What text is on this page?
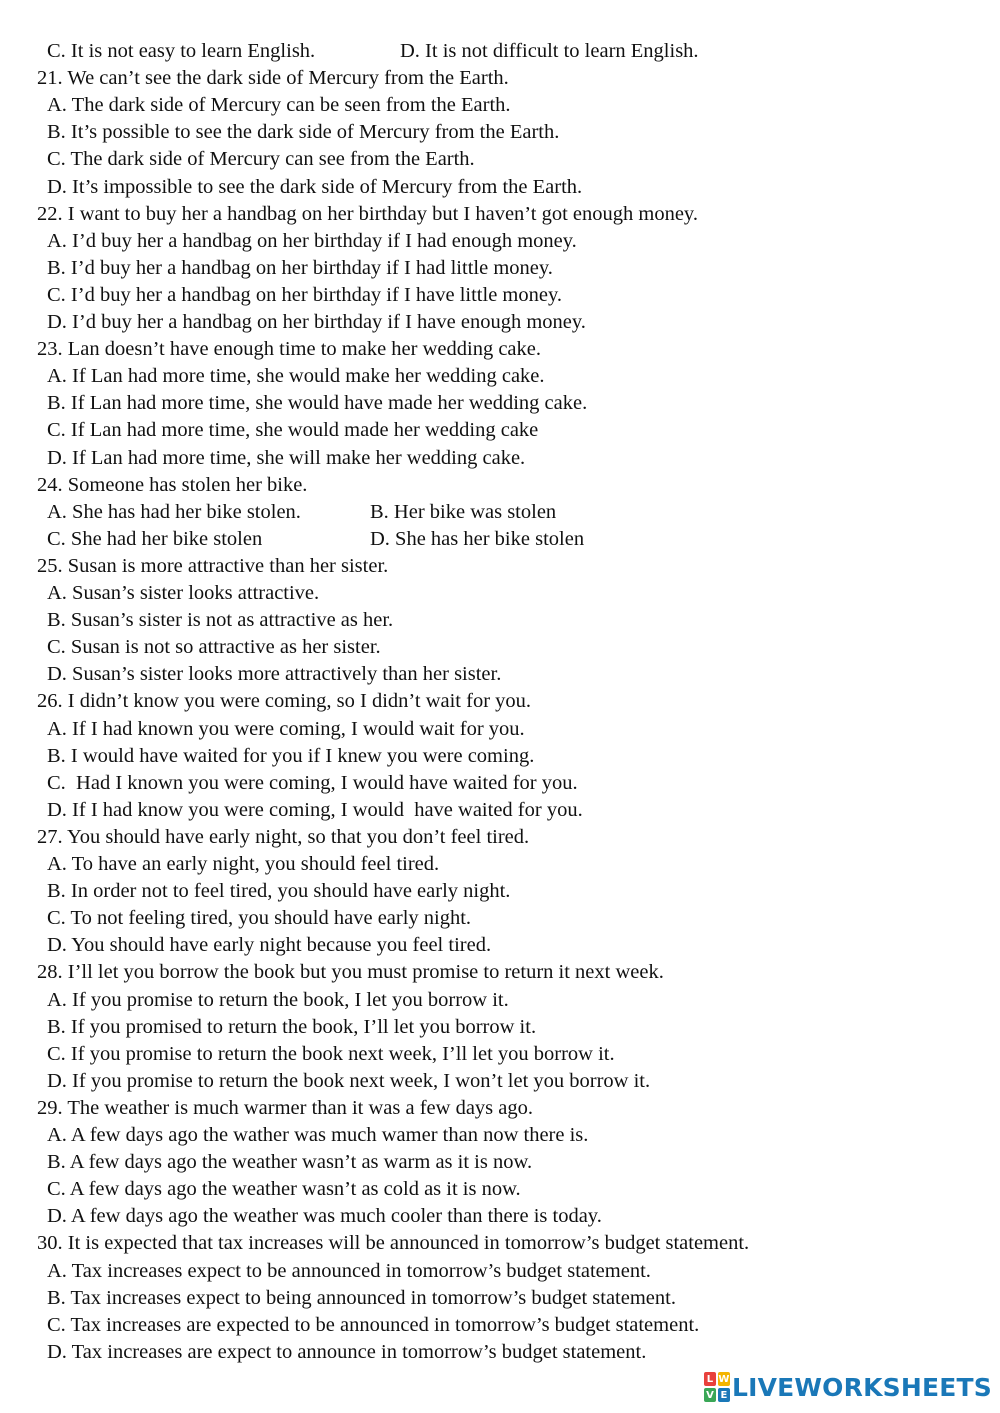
C. It is not easy to learn English.	D. It is not difficult to learn English.
21. We can’t see the dark side of Mercury from the Earth.
A. The dark side of Mercury can be seen from the Earth.
B. It’s possible to see the dark side of Mercury from the Earth.
C. The dark side of Mercury can see from the Earth.
D. It’s impossible to see the dark side of Mercury from the Earth.
22. I want to buy her a handbag on her birthday but I haven’t got enough money.
A. I’d buy her a handbag on her birthday if I had enough money.
B. I’d buy her a handbag on her birthday if I had little money.
C. I’d buy her a handbag on her birthday if I have little money.
D. I’d buy her a handbag on her birthday if I have enough money.
23. Lan doesn’t have enough time to make her wedding cake.
A. If Lan had more time, she would make her wedding cake.
B. If Lan had more time, she would have made her wedding cake.
C. If Lan had more time, she would made her wedding cake
D. If Lan had more time, she will make her wedding cake.
24. Someone has stolen her bike.
A. She has had her bike stolen.	B. Her bike was stolen
C. She had her bike stolen	D. She has her bike stolen
25. Susan is more attractive than her sister.
A. Susan’s sister looks attractive.
B. Susan’s sister is not as attractive as her.
C. Susan is not so attractive as her sister.
D. Susan’s sister looks more attractively than her sister.
26. I didn’t know you were coming, so I didn’t wait for you.
A. If I had known you were coming, I would wait for you.
B. I would have waited for you if I knew you were coming.
C.  Had I known you were coming, I would have waited for you.
D. If I had know you were coming, I would  have waited for you.
27. You should have early night, so that you don’t feel tired.
A. To have an early night, you should feel tired.
B. In order not to feel tired, you should have early night.
C. To not feeling tired, you should have early night.
D. You should have early night because you feel tired.
28. I’ll let you borrow the book but you must promise to return it next week.
A. If you promise to return the book, I let you borrow it.
B. If you promised to return the book, I’ll let you borrow it.
C. If you promise to return the book next week, I’ll let you borrow it.
D. If you promise to return the book next week, I won’t let you borrow it.
29. The weather is much warmer than it was a few days ago.
A. A few days ago the wather was much wamer than now there is.
B. A few days ago the weather wasn’t as warm as it is now.
C. A few days ago the weather wasn’t as cold as it is now.
D. A few days ago the weather was much cooler than there is today.
30. It is expected that tax increases will be announced in tomorrow’s budget statement.
A. Tax increases expect to be announced in tomorrow’s budget statement.
B. Tax increases expect to being announced in tomorrow’s budget statement.
C. Tax increases are expected to be announced in tomorrow’s budget statement.
D. Tax increases are expect to announce in tomorrow’s budget statement.
L W
V E LIVEWORKSHEETS
